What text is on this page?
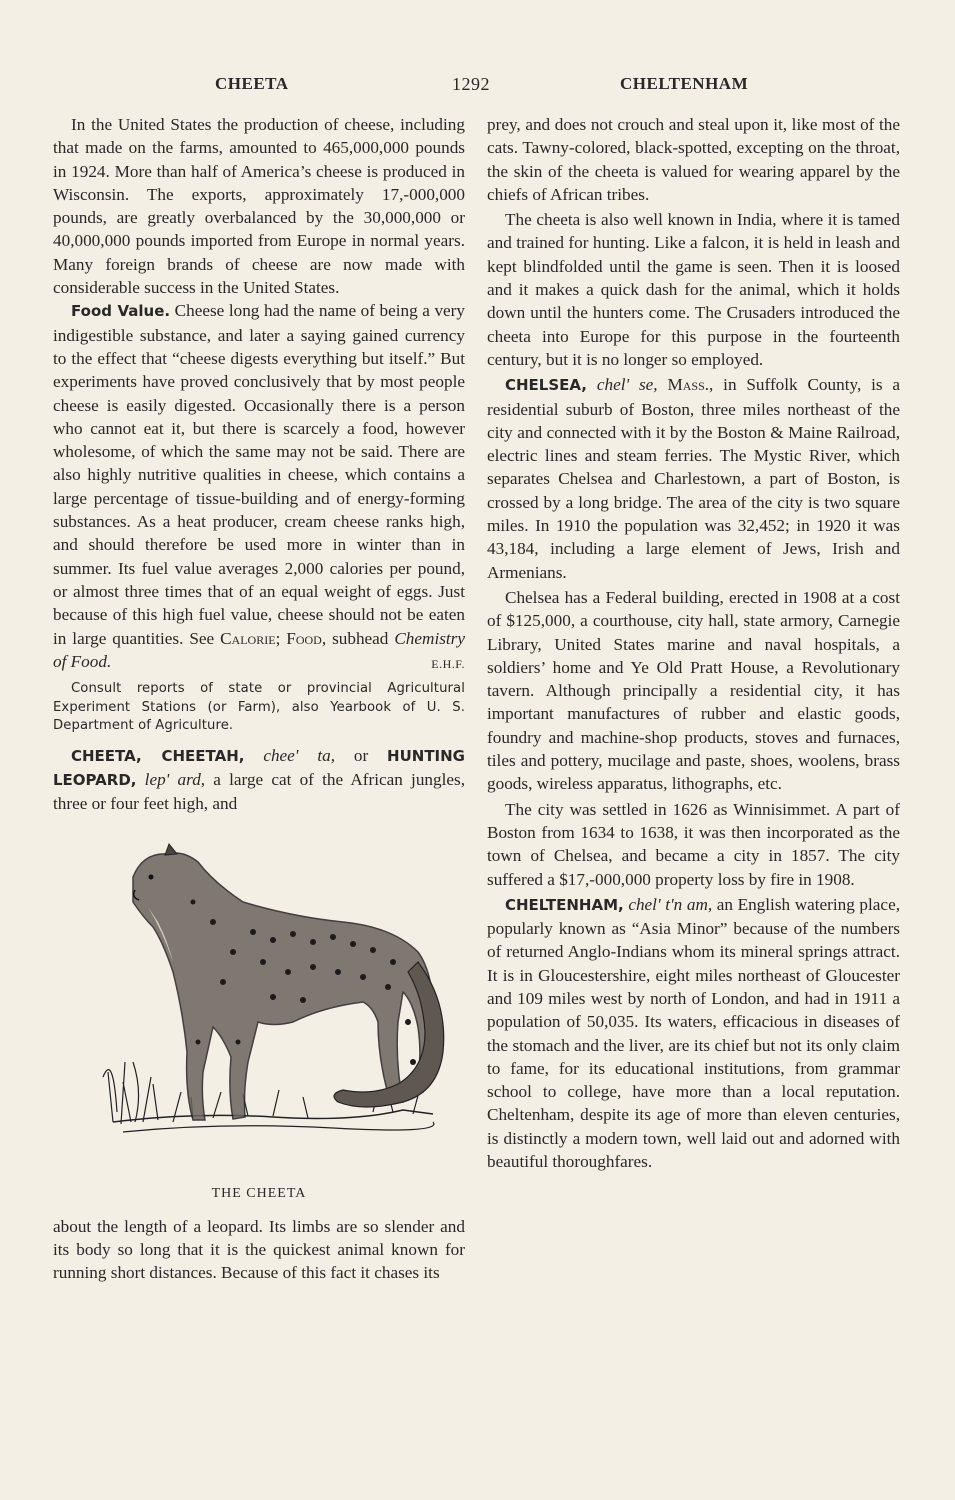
CHEETA	1292	CHELTENHAM

In the United States the production of cheese, including that made on the farms, amounted to 465,000,000 pounds in 1924. More than half of America’s cheese is produced in Wisconsin. The exports, approximately 17,-000,000 pounds, are greatly overbalanced by the 30,000,000 or 40,000,000 pounds imported from Europe in normal years. Many foreign brands of cheese are now made with considerable success in the United States.

Food Value. Cheese long had the name of being a very indigestible substance, and later a saying gained currency to the effect that “cheese digests everything but itself.” But experiments have proved conclusively that by most people cheese is easily digested. Occasionally there is a person who cannot eat it, but there is scarcely a food, however wholesome, of which the same may not be said. There are also highly nutritive qualities in cheese, which contains a large percentage of tissue-building and of energy-forming substances. As a heat producer, cream cheese ranks high, and should therefore be used more in winter than in summer. Its fuel value averages 2,000 calories per pound, or almost three times that of an equal weight of eggs. Just because of this high fuel value, cheese should not be eaten in large quantities. See Calorie; Food, subhead Chemistry of Food.	E.H.F.

Consult reports of state or provincial Agricultural Experiment Stations (or Farm), also Yearbook of U. S. Department of Agriculture.

CHEETA, CHEETAH, chee' ta, or HUNTING LEOPARD, lep' ard, a large cat of the African jungles, three or four feet high, and

THE CHEETA

about the length of a leopard. Its limbs are so slender and its body so long that it is the quickest animal known for running short distances. Because of this fact it chases its

prey, and does not crouch and steal upon it, like most of the cats. Tawny-colored, black-spotted, excepting on the throat, the skin of the cheeta is valued for wearing apparel by the chiefs of African tribes.

The cheeta is also well known in India, where it is tamed and trained for hunting. Like a falcon, it is held in leash and kept blindfolded until the game is seen. Then it is loosed and it makes a quick dash for the animal, which it holds down until the hunters come. The Crusaders introduced the cheeta into Europe for this purpose in the fourteenth century, but it is no longer so employed.

CHELSEA, chel' se, Mass., in Suffolk County, is a residential suburb of Boston, three miles northeast of the city and connected with it by the Boston & Maine Railroad, electric lines and steam ferries. The Mystic River, which separates Chelsea and Charlestown, a part of Boston, is crossed by a long bridge. The area of the city is two square miles. In 1910 the population was 32,452; in 1920 it was 43,184, including a large element of Jews, Irish and Armenians.

Chelsea has a Federal building, erected in 1908 at a cost of $125,000, a courthouse, city hall, state armory, Carnegie Library, United States marine and naval hospitals, a soldiers’ home and Ye Old Pratt House, a Revolutionary tavern. Although principally a residential city, it has important manufactures of rubber and elastic goods, foundry and machine-shop products, stoves and furnaces, tiles and pottery, mucilage and paste, shoes, woolens, brass goods, wireless apparatus, lithographs, etc.

The city was settled in 1626 as Winnisimmet. A part of Boston from 1634 to 1638, it was then incorporated as the town of Chelsea, and became a city in 1857. The city suffered a $17,-000,000 property loss by fire in 1908.

CHELTENHAM, chel' t'n am, an English watering place, popularly known as “Asia Minor” because of the numbers of returned Anglo-Indians whom its mineral springs attract. It is in Gloucestershire, eight miles northeast of Gloucester and 109 miles west by north of London, and had in 1911 a population of 50,035. Its waters, efficacious in diseases of the stomach and the liver, are its chief but not its only claim to fame, for its educational institutions, from grammar school to college, have more than a local reputation. Cheltenham, despite its age of more than eleven centuries, is distinctly a modern town, well laid out and adorned with beautiful thoroughfares.
